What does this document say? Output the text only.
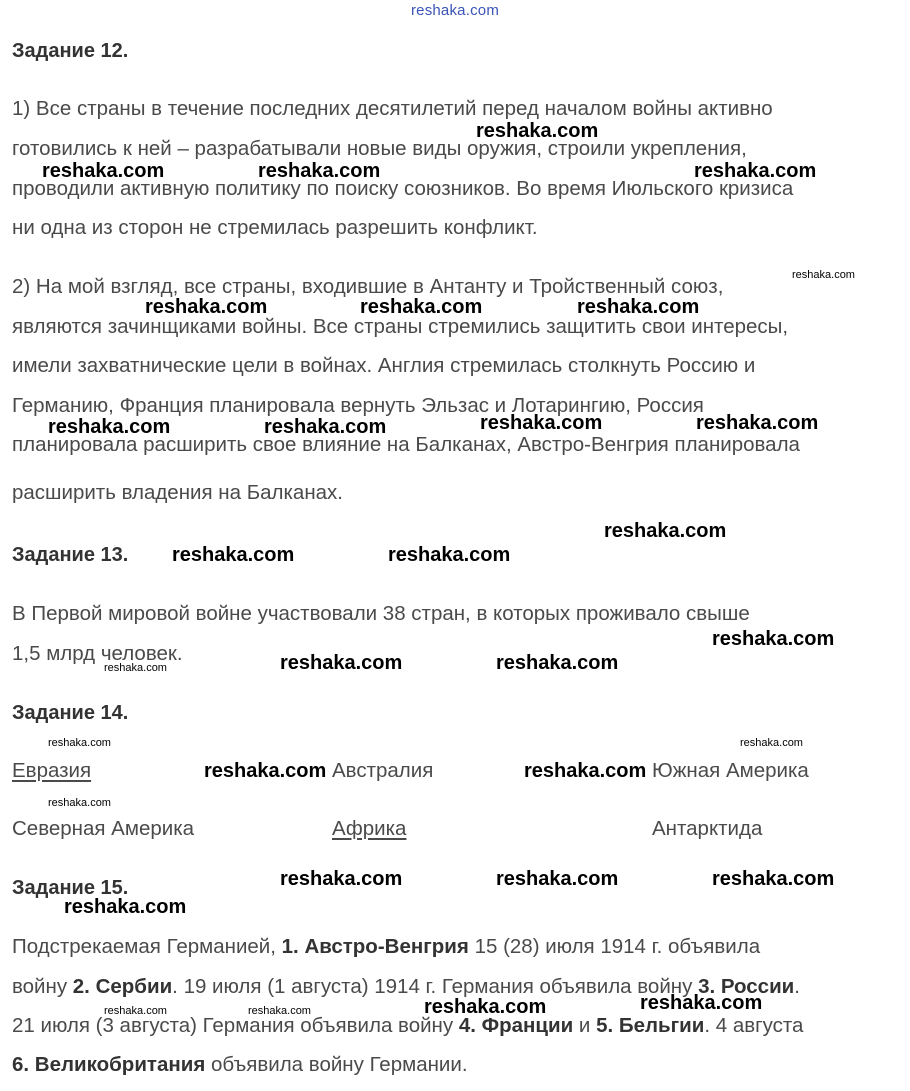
reshaka.com
Задание 12.
1) Все страны в течение последних десятилетий перед началом войны активно
готовились к ней – разрабатывали новые виды оружия, строили укрепления,
проводили активную политику по поиску союзников. Во время Июльского кризиса
ни одна из сторон не стремилась разрешить конфликт.
2) На мой взгляд, все страны, входившие в Антанту и Тройственный союз,
являются зачинщиками войны. Все страны стремились защитить свои интересы,
имели захватнические цели в войнах. Англия стремилась столкнуть Россию и
Германию, Франция планировала вернуть Эльзас и Лотарингию, Россия
планировала расширить свое влияние на Балканах, Австро-Венгрия планировала
расширить владения на Балканах.
Задание 13.
В Первой мировой войне участвовали 38 стран, в которых проживало свыше
1,5 млрд человек.
Задание 14.
Евразия	Австралия	Южная Америка
Северная Америка	Африка	Антарктида
Задание 15.
Подстрекаемая Германией, 1. Австро-Венгрия 15 (28) июля 1914 г. объявила
войну 2. Сербии. 19 июля (1 августа) 1914 г. Германия объявила войну 3. России.
21 июля (3 августа) Германия объявила войну 4. Франции и 5. Бельгии. 4 августа
6. Великобритания объявила войну Германии.
reshaka.com
reshaka.com	reshaka.com	reshaka.com
reshaka.com	reshaka.com	reshaka.com
reshaka.com	reshaka.com	reshaka.com	reshaka.com
reshaka.com
reshaka.com	reshaka.com
reshaka.com
reshaka.com	reshaka.com
reshaka.com	reshaka.com
reshaka.com	reshaka.com	reshaka.com
reshaka.com
reshaka.com	reshaka.com
reshaka.com
reshaka.com
reshaka.com	reshaka.com
reshaka.com
reshaka.com	reshaka.com
